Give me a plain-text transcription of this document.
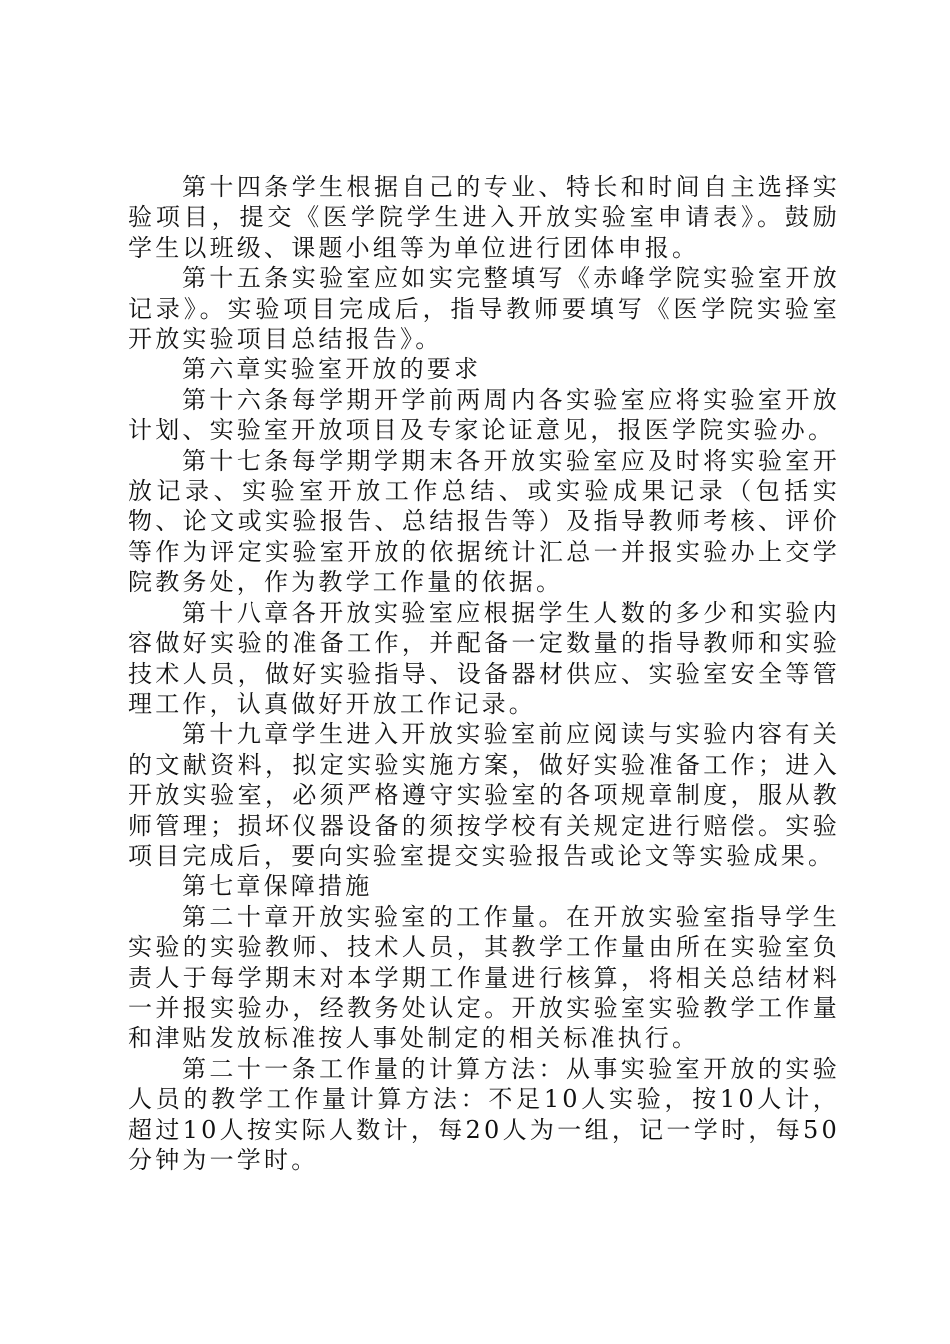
第十四条学生根据自己的专业、特长和时间自主选择实验项目，提交《医学院学生进入开放实验室申请表》。鼓励学生以班级、课题小组等为单位进行团体申报。

第十五条实验室应如实完整填写《赤峰学院实验室开放记录》。实验项目完成后，指导教师要填写《医学院实验室开放实验项目总结报告》。

第六章实验室开放的要求

第十六条每学期开学前两周内各实验室应将实验室开放计划、实验室开放项目及专家论证意见，报医学院实验办。

第十七条每学期学期末各开放实验室应及时将实验室开放记录、实验室开放工作总结、或实验成果记录（包括实物、论文或实验报告、总结报告等）及指导教师考核、评价等作为评定实验室开放的依据统计汇总一并报实验办上交学院教务处，作为教学工作量的依据。

第十八章各开放实验室应根据学生人数的多少和实验内容做好实验的准备工作，并配备一定数量的指导教师和实验技术人员，做好实验指导、设备器材供应、实验室安全等管理工作，认真做好开放工作记录。

第十九章学生进入开放实验室前应阅读与实验内容有关的文献资料，拟定实验实施方案，做好实验准备工作；进入开放实验室，必须严格遵守实验室的各项规章制度，服从教师管理；损坏仪器设备的须按学校有关规定进行赔偿。实验项目完成后，要向实验室提交实验报告或论文等实验成果。

第七章保障措施

第二十章开放实验室的工作量。在开放实验室指导学生实验的实验教师、技术人员，其教学工作量由所在实验室负责人于每学期末对本学期工作量进行核算，将相关总结材料一并报实验办，经教务处认定。开放实验室实验教学工作量和津贴发放标准按人事处制定的相关标准执行。

第二十一条工作量的计算方法：从事实验室开放的实验人员的教学工作量计算方法：不足10人实验，按10人计，超过10人按实际人数计，每20人为一组，记一学时，每50分钟为一学时。
